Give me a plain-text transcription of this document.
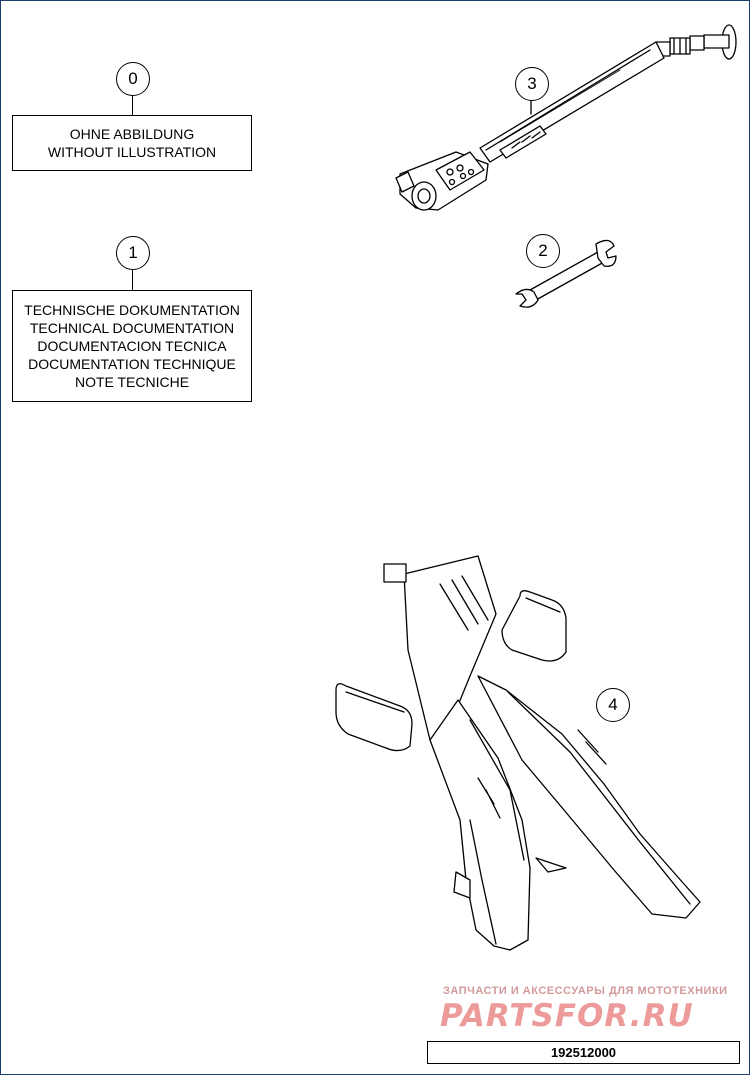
0
OHNE ABBILDUNG
WITHOUT ILLUSTRATION
1
TECHNISCHE DOKUMENTATION
TECHNICAL DOCUMENTATION
DOCUMENTACION TECNICA
DOCUMENTATION TECHNIQUE
NOTE TECNICHE
3
2
4
ЗАПЧАСТИ И АКСЕССУАРЫ ДЛЯ МОТОТЕХНИКИ
PARTSFOR.RU
192512000
